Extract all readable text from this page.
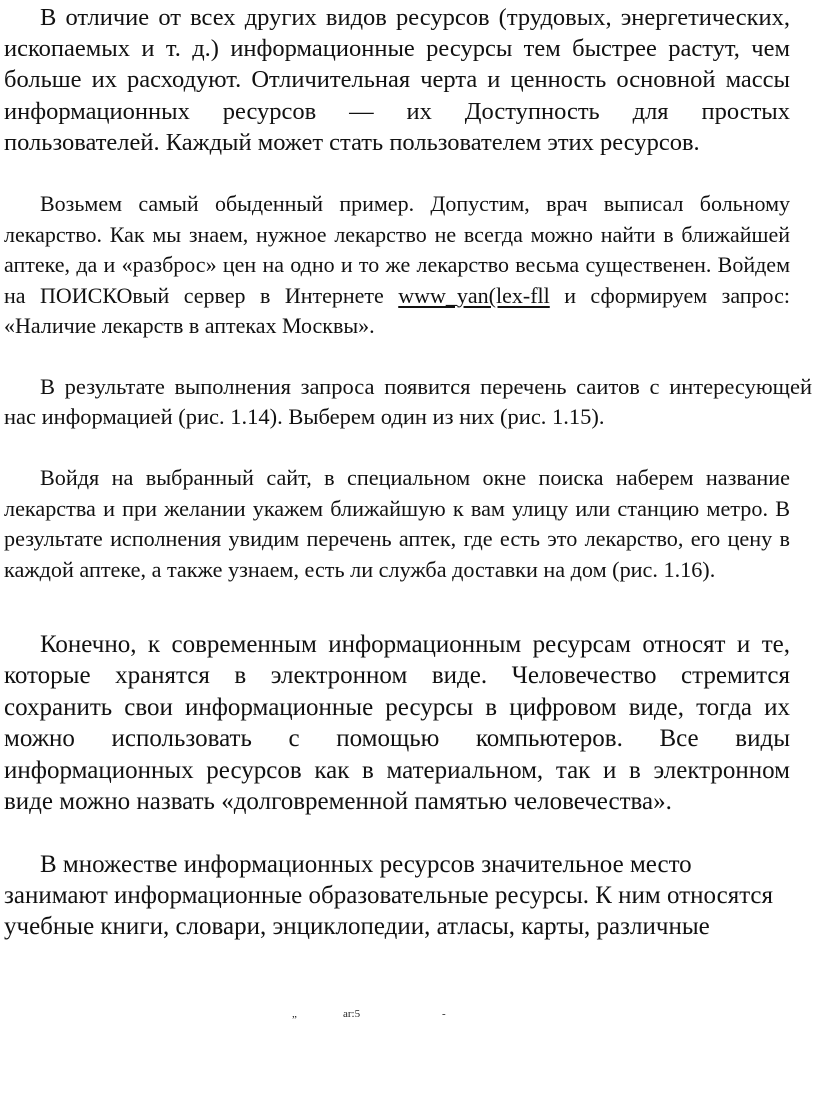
В отличие от всех других видов ресурсов (трудовых, энергетических, ископаемых и т. д.) информационные ресурсы тем быстрее растут, чем больше их расходуют. Отличительная черта и ценность основной массы информационных ресурсов — их Доступность для простых пользователей. Каждый может стать пользователем этих ресурсов.

Возьмем самый обыденный пример. Допустим, врач выписал больному лекарство. Как мы знаем, нужное лекарство не всегда можно найти в ближайшей аптеке, да и «разброс» цен на одно и то же лекарство весьма существенен. Войдем на ПОИСКОвый сервер в Интернете www_yan(lex-fll и сформируем запрос: «Наличие лекарств в аптеках Москвы».

В результате выполнения запроса появится перечень саитов с интересующей нас информацией (рис. 1.14). Выберем один из них (рис. 1.15).

Войдя на выбранный сайт, в специальном окне поиска наберем название лекарства и при желании укажем ближайшую к вам улицу или станцию метро. В результате исполнения увидим перечень аптек, где есть это лекарство, его цену в каждой аптеке, а также узнаем, есть ли служба доставки на дом (рис. 1.16).

Конечно, к современным информационным ресурсам относят и те, которые хранятся в электронном виде. Человечество стремится сохранить свои информационные ресурсы в цифровом виде, тогда их можно использовать с помощью компьютеров. Все виды информационных ресурсов как в материальном, так и в электронном виде можно назвать «долговременной памятью человечества».

В множестве информационных ресурсов значительное место занимают информационные образовательные ресурсы. К ним относятся учебные книги, словари, энциклопедии, атласы, карты, различные

„	ar:5	-
